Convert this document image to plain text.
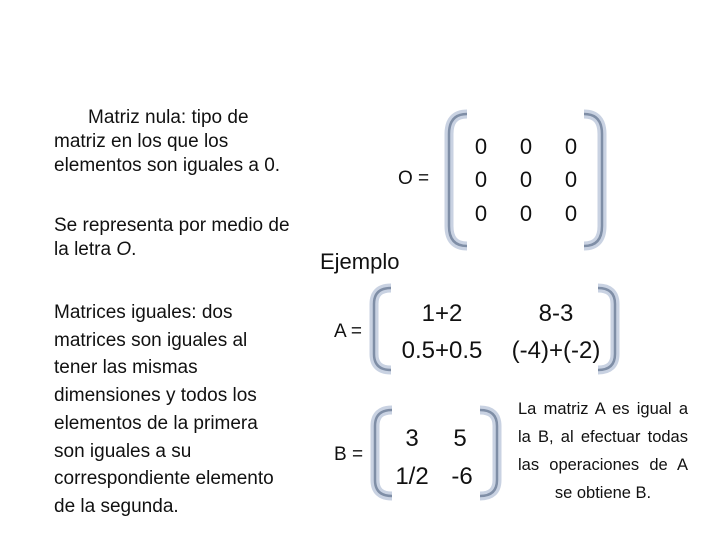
Matriz nula: tipo de
matriz en los que los
elementos son iguales a 0.
Se representa por medio de
la letra O.
Matrices iguales: dos
matrices son iguales al
tener las mismas
dimensiones y todos los
elementos de la primera
son iguales a su
correspondiente elemento
de la segunda.
O =
0	0	0
0	0	0
0	0	0
Ejemplo
A =
1+2	8-3
0.5+0.5	(-4)+(-2)
B =
3	5
1/2 -6
La matriz A es igual a la B, al efectuar todas las operaciones de A se obtiene B.
